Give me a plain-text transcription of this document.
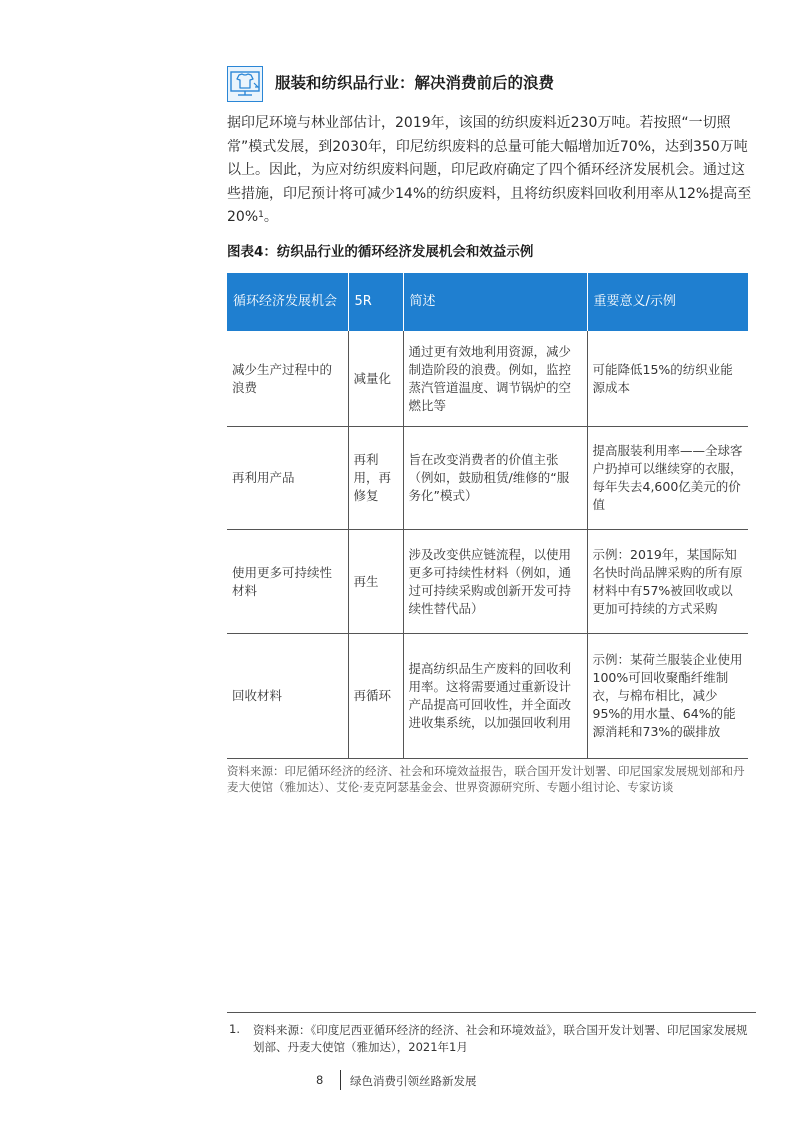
服装和纺织品行业：解决消费前后的浪费

据印尼环境与林业部估计，2019年，该国的纺织废料近230万吨。若按照“一切照常”模式发展，到2030年，印尼纺织废料的总量可能大幅增加近70%，达到350万吨以上。因此，为应对纺织废料问题，印尼政府确定了四个循环经济发展机会。通过这些措施，印尼预计将可减少14%的纺织废料，且将纺织废料回收利用率从12%提高至20%$^1$。

图表4：纺织品行业的循环经济发展机会和效益示例
循环经济发展机会	5R	简述	重要意义/示例
减少生产过程中的浪费	减量化	通过更有效地利用资源，减少制造阶段的浪费。例如，监控蒸汽管道温度、调节锅炉的空燃比等	可能降低15%的纺织业能源成本
再利用产品	再利用，再修复	旨在改变消费者的价值主张（例如，鼓励租赁/维修的“服务化”模式）	提高服装利用率——全球客户扔掉可以继续穿的衣服，每年失去4,600亿美元的价值
使用更多可持续性材料	再生	涉及改变供应链流程，以使用更多可持续性材料（例如，通过可持续采购或创新开发可持续性替代品）	示例：2019年，某国际知名快时尚品牌采购的所有原材料中有57%被回收或以更加可持续的方式采购
回收材料	再循环	提高纺织品生产废料的回收利用率。这将需要通过重新设计产品提高可回收性，并全面改进收集系统，以加强回收利用	示例：某荷兰服装企业使用100%可回收聚酯纤维制衣，与棉布相比，减少95%的用水量、64%的能源消耗和73%的碳排放
资料来源：印尼循环经济的经济、社会和环境效益报告，联合国开发计划署、印尼国家发展规划部和丹麦大使馆（雅加达）、艾伦·麦克阿瑟基金会、世界资源研究所、专题小组讨论、专家访谈
1. 资料来源：《印度尼西亚循环经济的经济、社会和环境效益》，联合国开发计划署、印尼国家发展规划部、丹麦大使馆（雅加达），2021年1月
8 绿色消费引领丝路新发展
